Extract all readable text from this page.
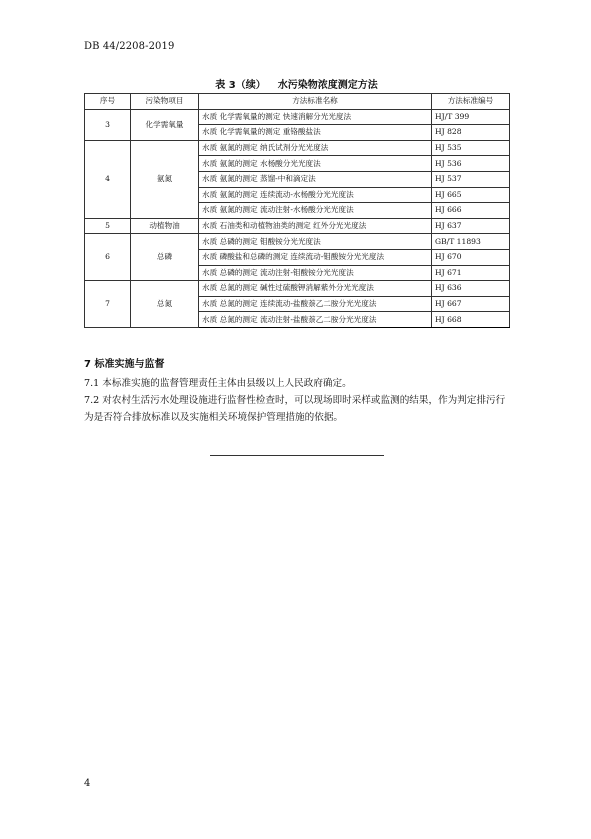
DB 44/2208-2019
表 3（续） 水污染物浓度测定方法
序号	污染物项目	方法标准名称	方法标准编号
3	化学需氧量	水质 化学需氧量的测定 快速消解分光光度法	HJ/T 399
		水质 化学需氧量的测定 重铬酸盐法	HJ 828
4	氨氮	水质 氨氮的测定 纳氏试剂分光光度法	HJ 535
		水质 氨氮的测定 水杨酸分光光度法	HJ 536
		水质 氨氮的测定 蒸馏-中和滴定法	HJ 537
		水质 氨氮的测定 连续流动-水杨酸分光光度法	HJ 665
		水质 氨氮的测定 流动注射-水杨酸分光光度法	HJ 666
5	动植物油	水质 石油类和动植物油类的测定 红外分光光度法	HJ 637
6	总磷	水质 总磷的测定 钼酸铵分光光度法	GB/T 11893
		水质 磷酸盐和总磷的测定 连续流动-钼酸铵分光光度法	HJ 670
		水质 总磷的测定 流动注射-钼酸铵分光光度法	HJ 671
7	总氮	水质 总氮的测定 碱性过硫酸钾消解紫外分光光度法	HJ 636
		水质 总氮的测定 连续流动-盐酸萘乙二胺分光光度法	HJ 667
		水质 总氮的测定 流动注射-盐酸萘乙二胺分光光度法	HJ 668
7 标准实施与监督
7.1 本标准实施的监督管理责任主体由县级以上人民政府确定。
7.2 对农村生活污水处理设施进行监督性检查时，可以现场即时采样或监测的结果，作为判定排污行为是否符合排放标准以及实施相关环境保护管理措施的依据。
4
